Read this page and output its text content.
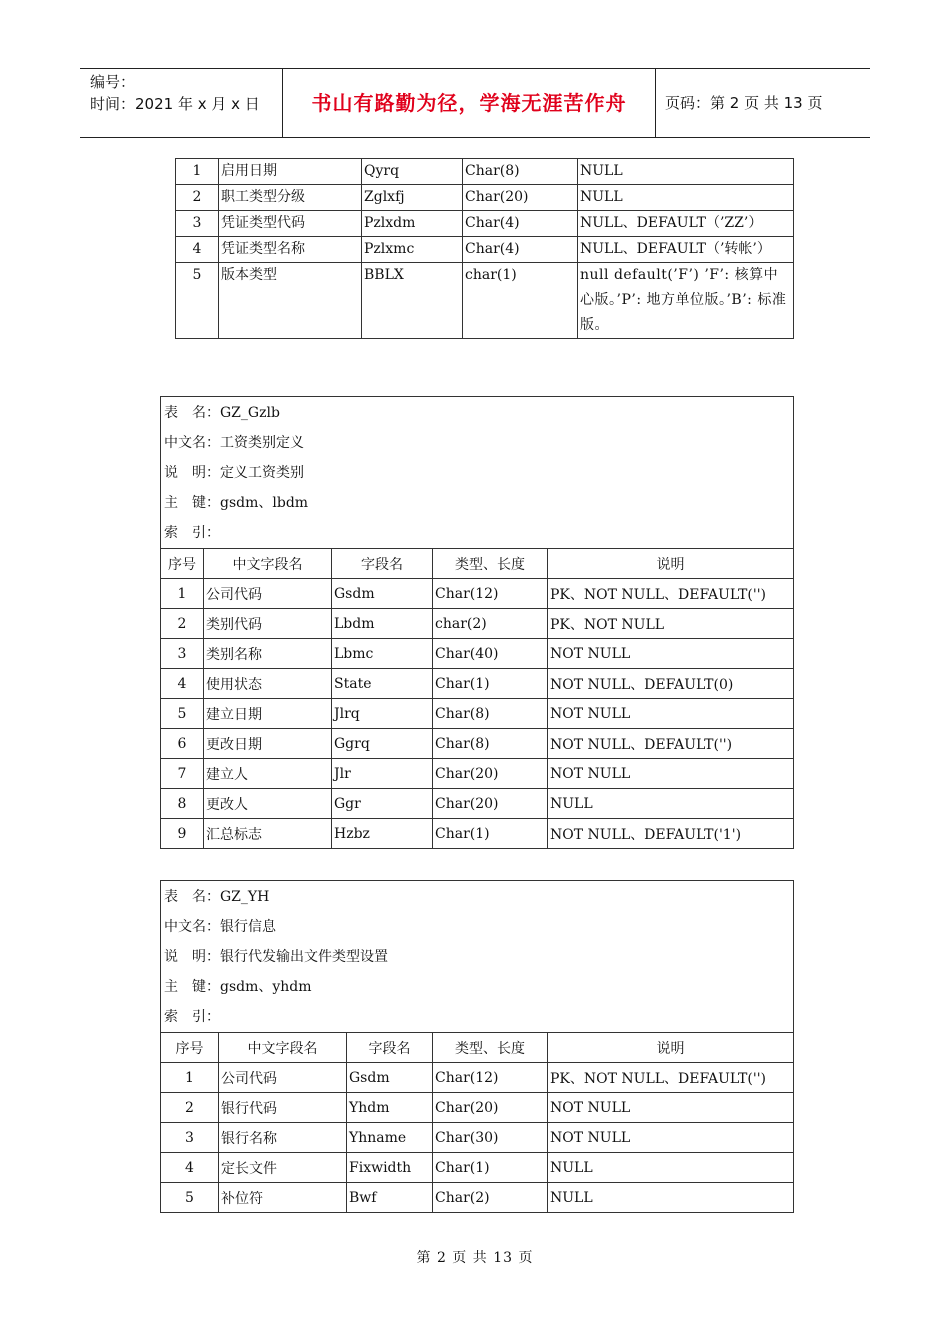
编号：
时间：2021 年 x 月 x 日	书山有路勤为径，学海无涯苦作舟	页码：第 2 页 共 13 页
1	启用日期	Qyrq	Char(8)	NULL
2	职工类型分级	Zglxfj	Char(20)	NULL
3	凭证类型代码	Pzlxdm	Char(4)	NULL、DEFAULT（’ZZ’）
4	凭证类型名称	Pzlxmc	Char(4)	NULL、DEFAULT（’转帐’）
5	版本类型	BBLX	char(1)	null default(’F’) ’F’: 核算中心版。’P’: 地方单位版。’B’: 标准版。
表　名：GZ_Gzlb
中文名：工资类别定义
说　明：定义工资类别
主　键：gsdm、lbdm
索　引：				

序号	中文字段名	字段名	类型、长度	说明
1	公司代码	Gsdm	Char(12)	PK、NOT NULL、DEFAULT('')
2	类别代码	Lbdm	char(2)	PK、NOT NULL
3	类别名称	Lbmc	Char(40)	NOT NULL
4	使用状态	State	Char(1)	NOT NULL、DEFAULT(0)
5	建立日期	Jlrq	Char(8)	NOT NULL
6	更改日期	Ggrq	Char(8)	NOT NULL、DEFAULT('')
7	建立人	Jlr	Char(20)	NOT NULL
8	更改人	Ggr	Char(20)	NULL
9	汇总标志	Hzbz	Char(1)	NOT NULL、DEFAULT('1')
表　名：GZ_YH
中文名：银行信息
说　明：银行代发输出文件类型设置
主　键：gsdm、yhdm
索　引：				

序号	中文字段名	字段名	类型、长度	说明
1	公司代码	Gsdm	Char(12)	PK、NOT NULL、DEFAULT('')
2	银行代码	Yhdm	Char(20)	NOT NULL
3	银行名称	Yhname	Char(30)	NOT NULL
4	定长文件	Fixwidth	Char(1)	NULL
5	补位符	Bwf	Char(2)	NULL
第 2 页 共 13 页
